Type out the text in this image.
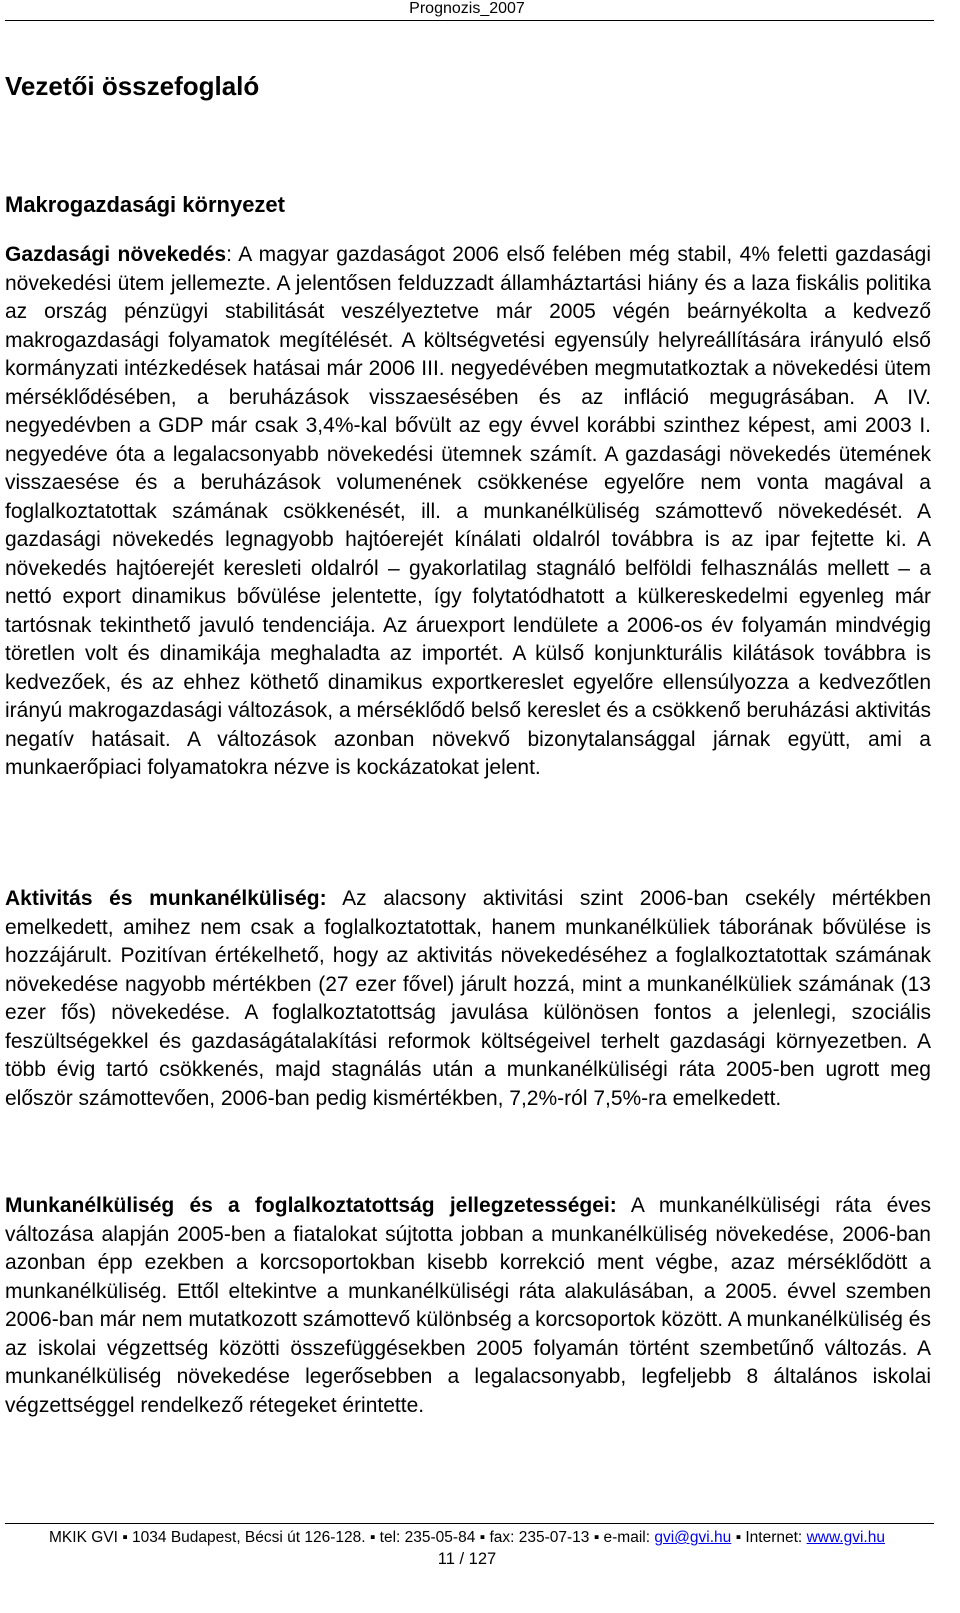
Prognozis_2007
Vezetői összefoglaló
Makrogazdasági környezet

Gazdasági növekedés: A magyar gazdaságot 2006 első felében még stabil, 4% feletti gazdasági növekedési ütem jellemezte. A jelentősen felduzzadt államháztartási hiány és a laza fiskális politika az ország pénzügyi stabilitását veszélyeztetve már 2005 végén beárnyékolta a kedvező makrogazdasági folyamatok megítélését. A költségvetési egyensúly helyreállítására irányuló első kormányzati intézkedések hatásai már 2006 III. negyedévében megmutatkoztak a növekedési ütem mérséklődésében, a beruházások visszaesésében és az infláció megugrásában. A IV. negyedévben a GDP már csak 3,4%-kal bővült az egy évvel korábbi szinthez képest, ami 2003 I. negyedéve óta a legalacsonyabb növekedési ütemnek számít. A gazdasági növekedés ütemének visszaesése és a beruházások volumenének csökkenése egyelőre nem vonta magával a foglalkoztatottak számának csökkenését, ill. a munkanélküliség számottevő növekedését. A gazdasági növekedés legnagyobb hajtóerejét kínálati oldalról továbbra is az ipar fejtette ki. A növekedés hajtóerejét keresleti oldalról – gyakorlatilag stagnáló belföldi felhasználás mellett – a nettó export dinamikus bővülése jelentette, így folytatódhatott a külkereskedelmi egyenleg már tartósnak tekinthető javuló tendenciája. Az áruexport lendülete a 2006-os év folyamán mindvégig töretlen volt és dinamikája meghaladta az importét. A külső konjunkturális kilátások továbbra is kedvezőek, és az ehhez köthető dinamikus exportkereslet egyelőre ellensúlyozza a kedvezőtlen irányú makrogazdasági változások, a mérséklődő belső kereslet és a csökkenő beruházási aktivitás negatív hatásait. A változások azonban növekvő bizonytalansággal járnak együtt, ami a munkaerőpiaci folyamatokra nézve is kockázatokat jelent.

Aktivitás és munkanélküliség: Az alacsony aktivitási szint 2006-ban csekély mértékben emelkedett, amihez nem csak a foglalkoztatottak, hanem munkanélküliek táborának bővülése is hozzájárult. Pozitívan értékelhető, hogy az aktivitás növekedéséhez a foglalkoztatottak számának növekedése nagyobb mértékben (27 ezer fővel) járult hozzá, mint a munkanélküliek számának (13 ezer fős) növekedése. A foglalkoztatottság javulása különösen fontos a jelenlegi, szociális feszültségekkel és gazdaságátalakítási reformok költségeivel terhelt gazdasági környezetben. A több évig tartó csökkenés, majd stagnálás után a munkanélküliségi ráta 2005-ben ugrott meg először számottevően, 2006-ban pedig kismértékben, 7,2%-ról 7,5%-ra emelkedett.

Munkanélküliség és a foglalkoztatottság jellegzetességei: A munkanélküliségi ráta éves változása alapján 2005-ben a fiatalokat sújtotta jobban a munkanélküliség növekedése, 2006-ban azonban épp ezekben a korcsoportokban kisebb korrekció ment végbe, azaz mérséklődött a munkanélküliség. Ettől eltekintve a munkanélküliségi ráta alakulásában, a 2005. évvel szemben 2006-ban már nem mutatkozott számottevő különbség a korcsoportok között. A munkanélküliség és az iskolai végzettség közötti összefüggésekben 2005 folyamán történt szembetűnő változás. A munkanélküliség növekedése legerősebben a legalacsonyabb, legfeljebb 8 általános iskolai végzettséggel rendelkező rétegeket érintette.

MKIK GVI ▪ 1034 Budapest, Bécsi út 126-128. ▪ tel: 235-05-84 ▪ fax: 235-07-13 ▪ e-mail: gvi@gvi.hu ▪ Internet: www.gvi.hu
11 / 127
